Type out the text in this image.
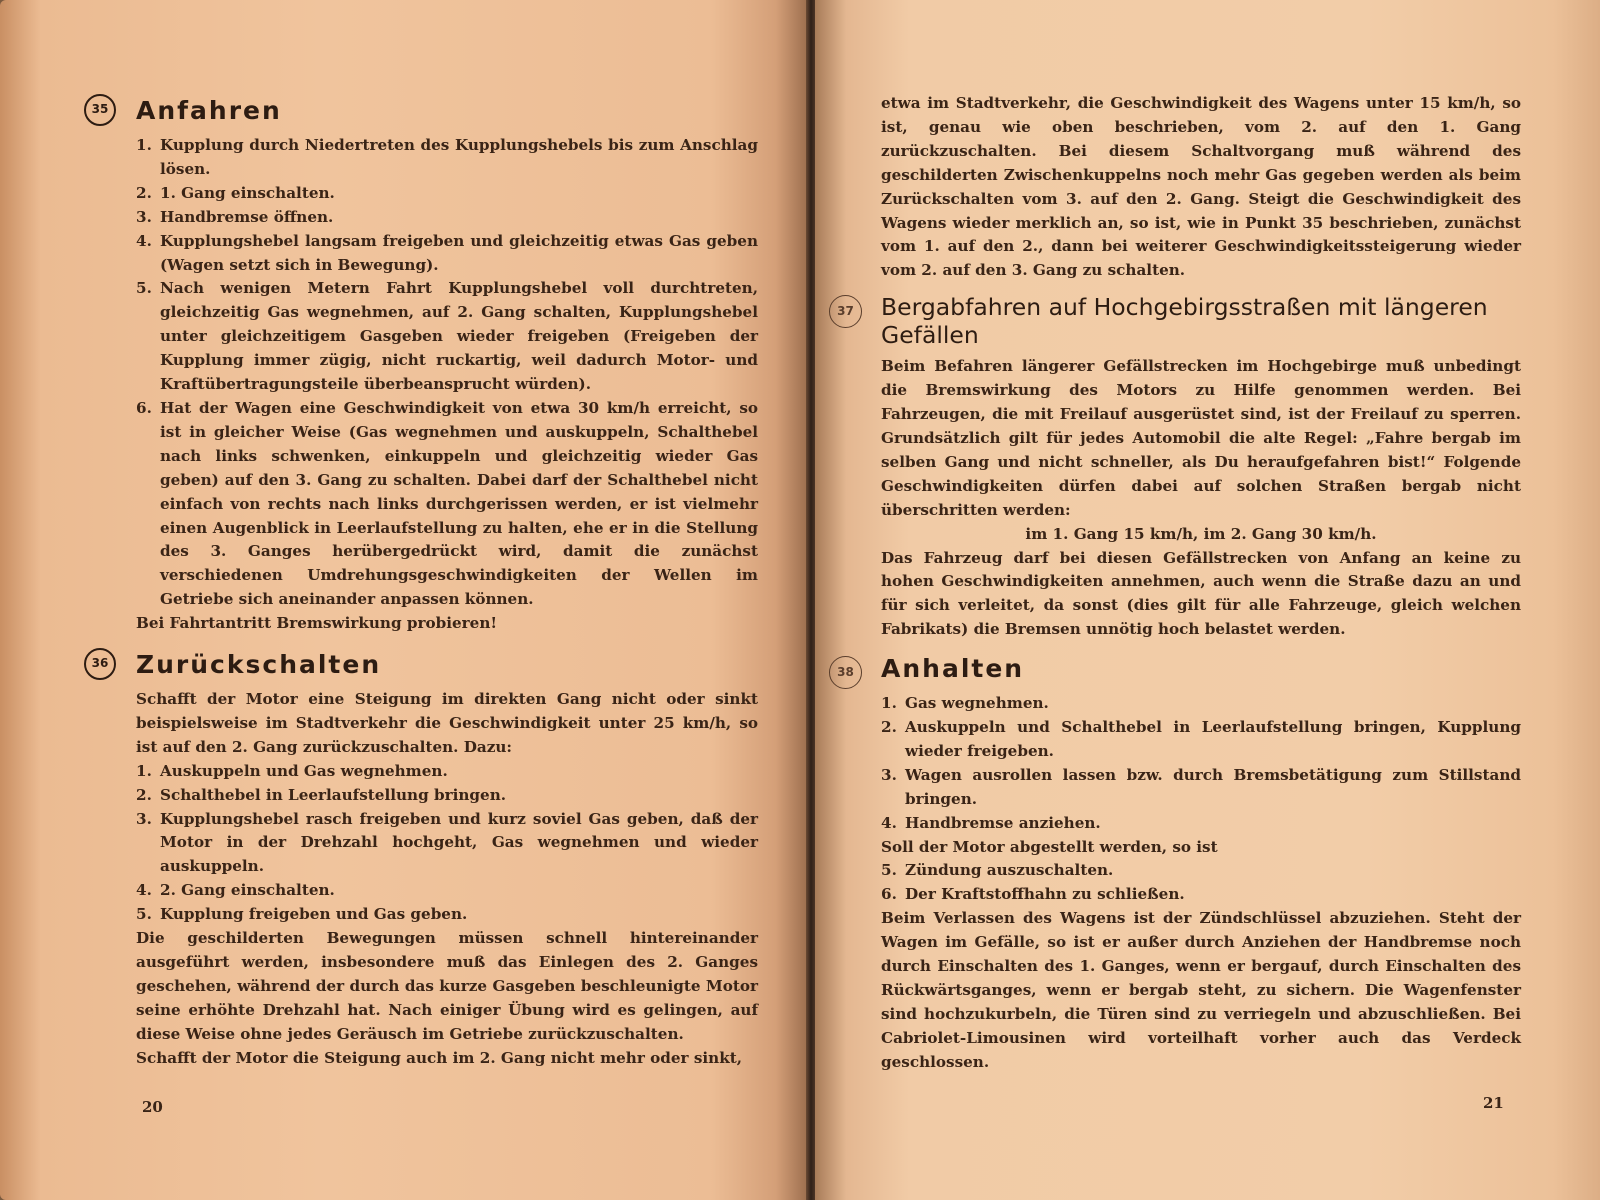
35	Anfahren
1. Kupplung durch Niedertreten des Kupplungshebels bis zum Anschlag lösen.
2. 1. Gang einschalten.
3. Handbremse öffnen.
4. Kupplungshebel langsam freigeben und gleichzeitig etwas Gas geben (Wagen setzt sich in Bewegung).
5. Nach wenigen Metern Fahrt Kupplungshebel voll durchtreten, gleichzeitig Gas wegnehmen, auf 2. Gang schalten, Kupplungshebel unter gleichzeitigem Gasgeben wieder freigeben (Freigeben der Kupplung immer zügig, nicht ruckartig, weil dadurch Motor- und Kraftübertragungsteile überbeansprucht würden).
6. Hat der Wagen eine Geschwindigkeit von etwa 30 km/h erreicht, so ist in gleicher Weise (Gas wegnehmen und auskuppeln, Schalthebel nach links schwenken, einkuppeln und gleichzeitig wieder Gas geben) auf den 3. Gang zu schalten. Dabei darf der Schalthebel nicht einfach von rechts nach links durchgerissen werden, er ist vielmehr einen Augenblick in Leerlaufstellung zu halten, ehe er in die Stellung des 3. Ganges herübergedrückt wird, damit die zunächst verschiedenen Umdrehungsgeschwindigkeiten der Wellen im Getriebe sich aneinander anpassen können.

Bei Fahrtantritt Bremswirkung probieren!

36	Zurückschalten

Schafft der Motor eine Steigung im direkten Gang nicht oder sinkt beispielsweise im Stadtverkehr die Geschwindigkeit unter 25 km/h, so ist auf den 2. Gang zurückzuschalten. Dazu:

1. Auskuppeln und Gas wegnehmen.
2. Schalthebel in Leerlaufstellung bringen.
3. Kupplungshebel rasch freigeben und kurz soviel Gas geben, daß der Motor in der Drehzahl hochgeht, Gas wegnehmen und wieder auskuppeln.
4. 2. Gang einschalten.
5. Kupplung freigeben und Gas geben.

Die geschilderten Bewegungen müssen schnell hintereinander ausgeführt werden, insbesondere muß das Einlegen des 2. Ganges geschehen, während der durch das kurze Gasgeben beschleunigte Motor seine erhöhte Drehzahl hat. Nach einiger Übung wird es gelingen, auf diese Weise ohne jedes Geräusch im Getriebe zurückzuschalten.

Schafft der Motor die Steigung auch im 2. Gang nicht mehr oder sinkt,

20

etwa im Stadtverkehr, die Geschwindigkeit des Wagens unter 15 km/h, so ist, genau wie oben beschrieben, vom 2. auf den 1. Gang zurückzuschalten. Bei diesem Schaltvorgang muß während des geschilderten Zwischenkuppelns noch mehr Gas gegeben werden als beim Zurückschalten vom 3. auf den 2. Gang. Steigt die Geschwindigkeit des Wagens wieder merklich an, so ist, wie in Punkt 35 beschrieben, zunächst vom 1. auf den 2., dann bei weiterer Geschwindigkeitssteigerung wieder vom 2. auf den 3. Gang zu schalten.

37	Bergabfahren auf Hochgebirgsstraßen mit längeren Gefällen

Beim Befahren längerer Gefällstrecken im Hochgebirge muß unbedingt die Bremswirkung des Motors zu Hilfe genommen werden. Bei Fahrzeugen, die mit Freilauf ausgerüstet sind, ist der Freilauf zu sperren. Grundsätzlich gilt für jedes Automobil die alte Regel: „Fahre bergab im selben Gang und nicht schneller, als Du heraufgefahren bist!“ Folgende Geschwindigkeiten dürfen dabei auf solchen Straßen bergab nicht überschritten werden:

im 1. Gang 15 km/h, im 2. Gang 30 km/h.

Das Fahrzeug darf bei diesen Gefällstrecken von Anfang an keine zu hohen Geschwindigkeiten annehmen, auch wenn die Straße dazu an und für sich verleitet, da sonst (dies gilt für alle Fahrzeuge, gleich welchen Fabrikats) die Bremsen unnötig hoch belastet werden.

38	Anhalten
1. Gas wegnehmen.
2. Auskuppeln und Schalthebel in Leerlaufstellung bringen, Kupplung wieder freigeben.
3. Wagen ausrollen lassen bzw. durch Bremsbetätigung zum Stillstand bringen.
4. Handbremse anziehen.

Soll der Motor abgestellt werden, so ist

5. Zündung auszuschalten.
6. Der Kraftstoffhahn zu schließen.

Beim Verlassen des Wagens ist der Zündschlüssel abzuziehen. Steht der Wagen im Gefälle, so ist er außer durch Anziehen der Handbremse noch durch Einschalten des 1. Ganges, wenn er bergauf, durch Einschalten des Rückwärtsganges, wenn er bergab steht, zu sichern. Die Wagenfenster sind hochzukurbeln, die Türen sind zu verriegeln und abzuschließen. Bei Cabriolet-Limousinen wird vorteilhaft vorher auch das Verdeck geschlossen.

21
